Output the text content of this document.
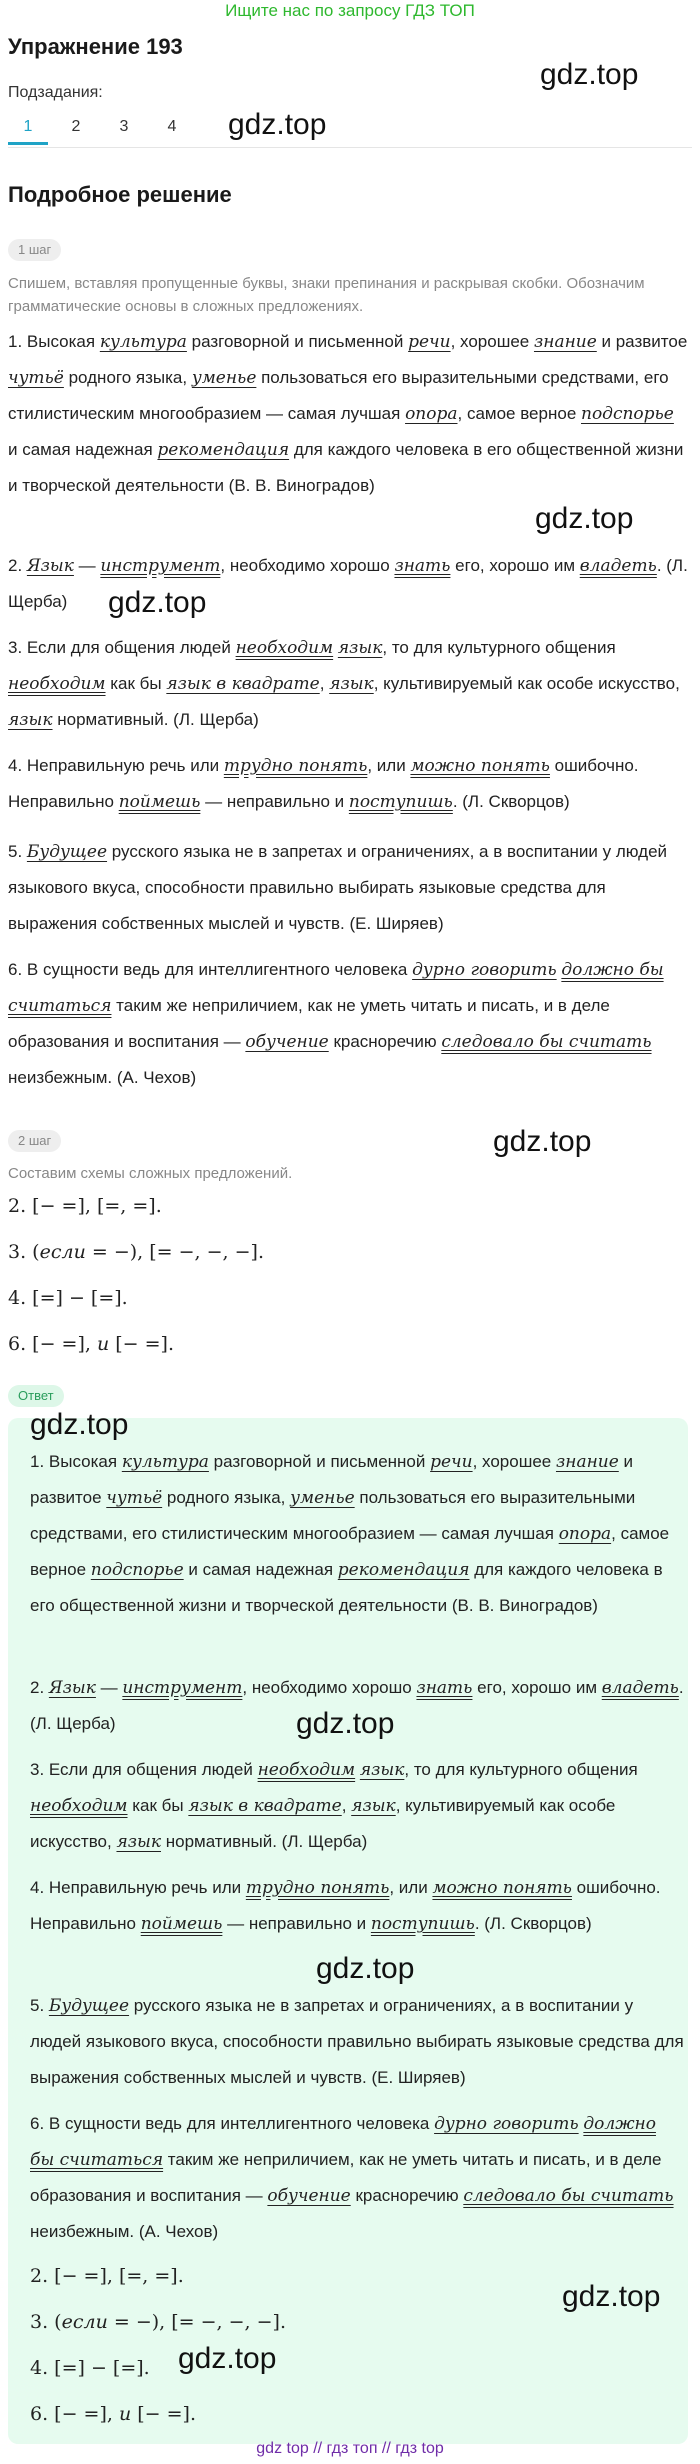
Ищите нас по запросу ГДЗ ТОП
Упражнение 193
gdz.top
Подзадания:
1	2	3	4	gdz.top
Подробное решение
1 шаг

Спишем, вставляя пропущенные буквы, знаки препинания и раскрывая скобки. Обозначим грамматические основы в сложных предложениях.

1. Высокая культура разговорной и письменной речи, хорошее знание и развитое чутьё родного языка, уменье пользоваться его выразительными средствами, его стилистическим многообразием — самая лучшая опора, самое верное подспорье и самая надежная рекомендация для каждого человека в его общественной жизни и творческой деятельности (В. В. Виноградов)

gdz.top

2. Язык — инструмент, необходимо хорошо знать его, хорошо им владеть. (Л. Щерба)	gdz.top

3. Если для общения людей необходим язык, то для культурного общения необходим как бы язык в квадрате, язык, культивируемый как особе искусство, язык нормативный. (Л. Щерба)

4. Неправильную речь или трудно понять, или можно понять ошибочно. Неправильно поймешь — неправильно и поступишь. (Л. Скворцов)

5. Будущее русского языка не в запретах и ограничениях, а в воспитании у людей языкового вкуса, способности правильно выбирать языковые средства для выражения собственных мыслей и чувств. (Е. Ширяев)

6. В сущности ведь для интеллигентного человека дурно говорить должно бы считаться таким же неприличием, как не уметь читать и писать, и в деле образования и воспитания — обучение красноречию следовало бы считать неизбежным. (А. Чехов)

gdz.top
2 шаг

Составим схемы сложных предложений.

2. [− =], [=, =].
3. (если = −), [= −, −, −].
4. [=] − [=].
6. [− =], и [− =].
Ответ
gdz.top

1. Высокая культура разговорной и письменной речи, хорошее знание и развитое чутьё родного языка, уменье пользоваться его выразительными средствами, его стилистическим многообразием — самая лучшая опора, самое верное подспорье и самая надежная рекомендация для каждого человека в его общественной жизни и творческой деятельности (В. В. Виноградов)

2. Язык — инструмент, необходимо хорошо знать его, хорошо им владеть. (Л. Щерба)	gdz.top

3. Если для общения людей необходим язык, то для культурного общения необходим как бы язык в квадрате, язык, культивируемый как особе искусство, язык нормативный. (Л. Щерба)

4. Неправильную речь или трудно понять, или можно понять ошибочно. Неправильно поймешь — неправильно и поступишь. (Л. Скворцов)

gdz.top

5. Будущее русского языка не в запретах и ограничениях, а в воспитании у людей языкового вкуса, способности правильно выбирать языковые средства для выражения собственных мыслей и чувств. (Е. Ширяев)

6. В сущности ведь для интеллигентного человека дурно говорить должно бы считаться таким же неприличием, как не уметь читать и писать, и в деле образования и воспитания — обучение красноречию следовало бы считать неизбежным. (А. Чехов)

2. [− =], [=, =].
gdz.top
3. (если = −), [= −, −, −].
gdz.top
4. [=] − [=].
6. [− =], и [− =].
gdz top // гдз топ // гдз top
